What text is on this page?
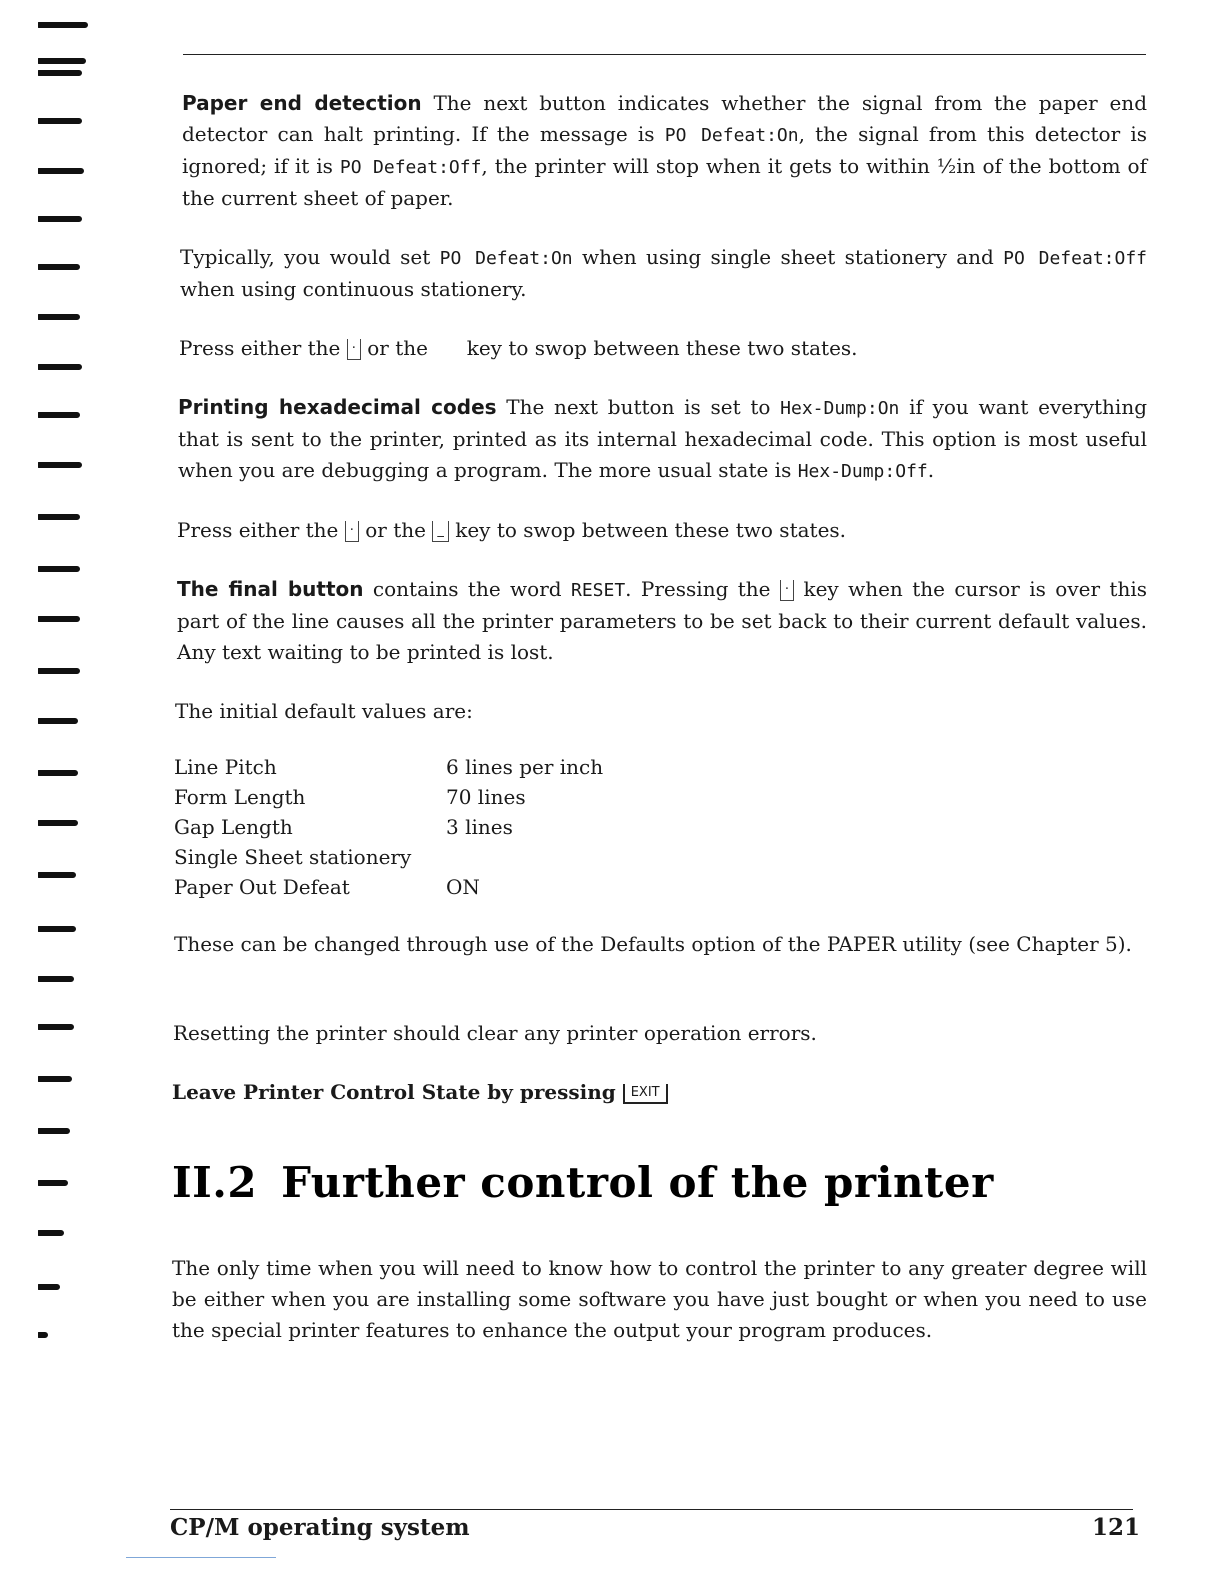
Paper end detection The next button indicates whether the signal from the paper end detector can halt printing. If the message is PO Defeat:On, the signal from this detector is ignored; if it is PO Defeat:Off, the printer will stop when it gets to within ½in of the bottom of the current sheet of paper.

Typically, you would set PO Defeat:On when using single sheet stationery and PO Defeat:Off when using continuous stationery.

Press either the · or the  key to swop between these two states.

Printing hexadecimal codes The next button is set to Hex-Dump:On if you want everything that is sent to the printer, printed as its internal hexadecimal code. This option is most useful when you are debugging a program. The more usual state is Hex-Dump:Off.

Press either the · or the _ key to swop between these two states.

The final button contains the word RESET. Pressing the · key when the cursor is over this part of the line causes all the printer parameters to be set back to their current default values. Any text waiting to be printed is lost.

The initial default values are:

Line Pitch	6 lines per inch
Form Length	70 lines
Gap Length	3 lines
Single Sheet stationery	
Paper Out Defeat	ON

These can be changed through use of the Defaults option of the PAPER utility (see Chapter 5).

Resetting the printer should clear any printer operation errors.

Leave Printer Control State by pressing EXIT

II.2 Further control of the printer

The only time when you will need to know how to control the printer to any greater degree will be either when you are installing some software you have just bought or when you need to use the special printer features to enhance the output your program produces.

CP/M operating system	121
